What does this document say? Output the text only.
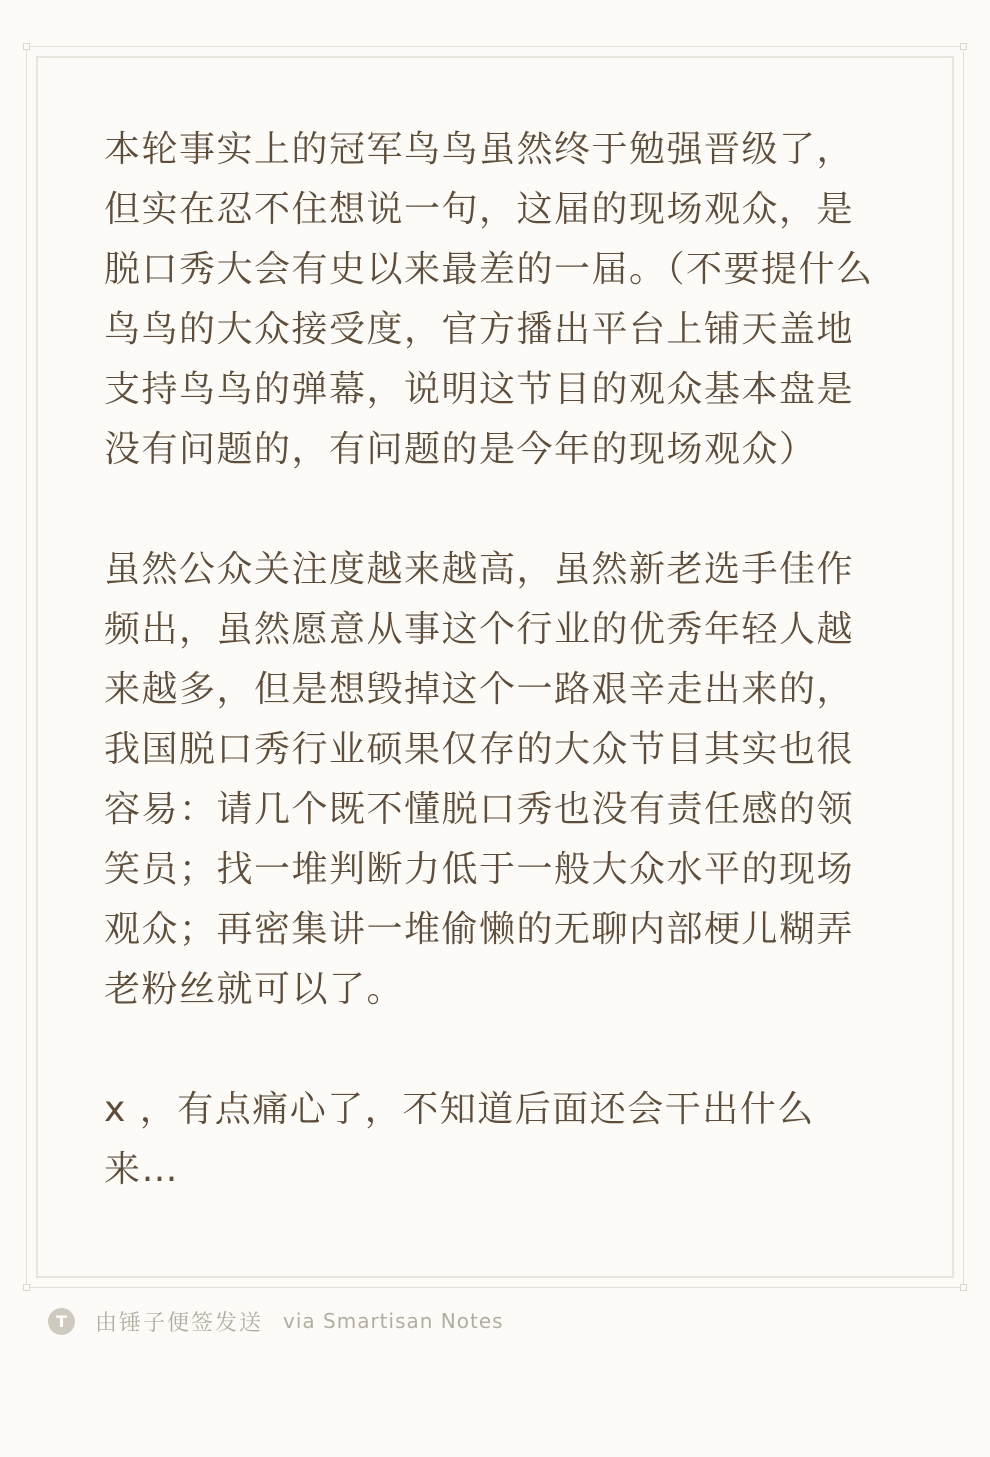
本轮事实上的冠军鸟鸟虽然终于勉强晋级了，但实在忍不住想说一句，这届的现场观众，是脱口秀大会有史以来最差的一届。（不要提什么鸟鸟的大众接受度，官方播出平台上铺天盖地支持鸟鸟的弹幕，说明这节目的观众基本盘是没有问题的，有问题的是今年的现场观众）

虽然公众关注度越来越高，虽然新老选手佳作频出，虽然愿意从事这个行业的优秀年轻人越来越多，但是想毁掉这个一路艰辛走出来的，我国脱口秀行业硕果仅存的大众节目其实也很容易：请几个既不懂脱口秀也没有责任感的领笑员；找一堆判断力低于一般大众水平的现场观众；再密集讲一堆偷懒的无聊内部梗儿糊弄老粉丝就可以了。

x ，有点痛心了，不知道后面还会干出什么来…

T	由锤子便签发送 via Smartisan Notes
